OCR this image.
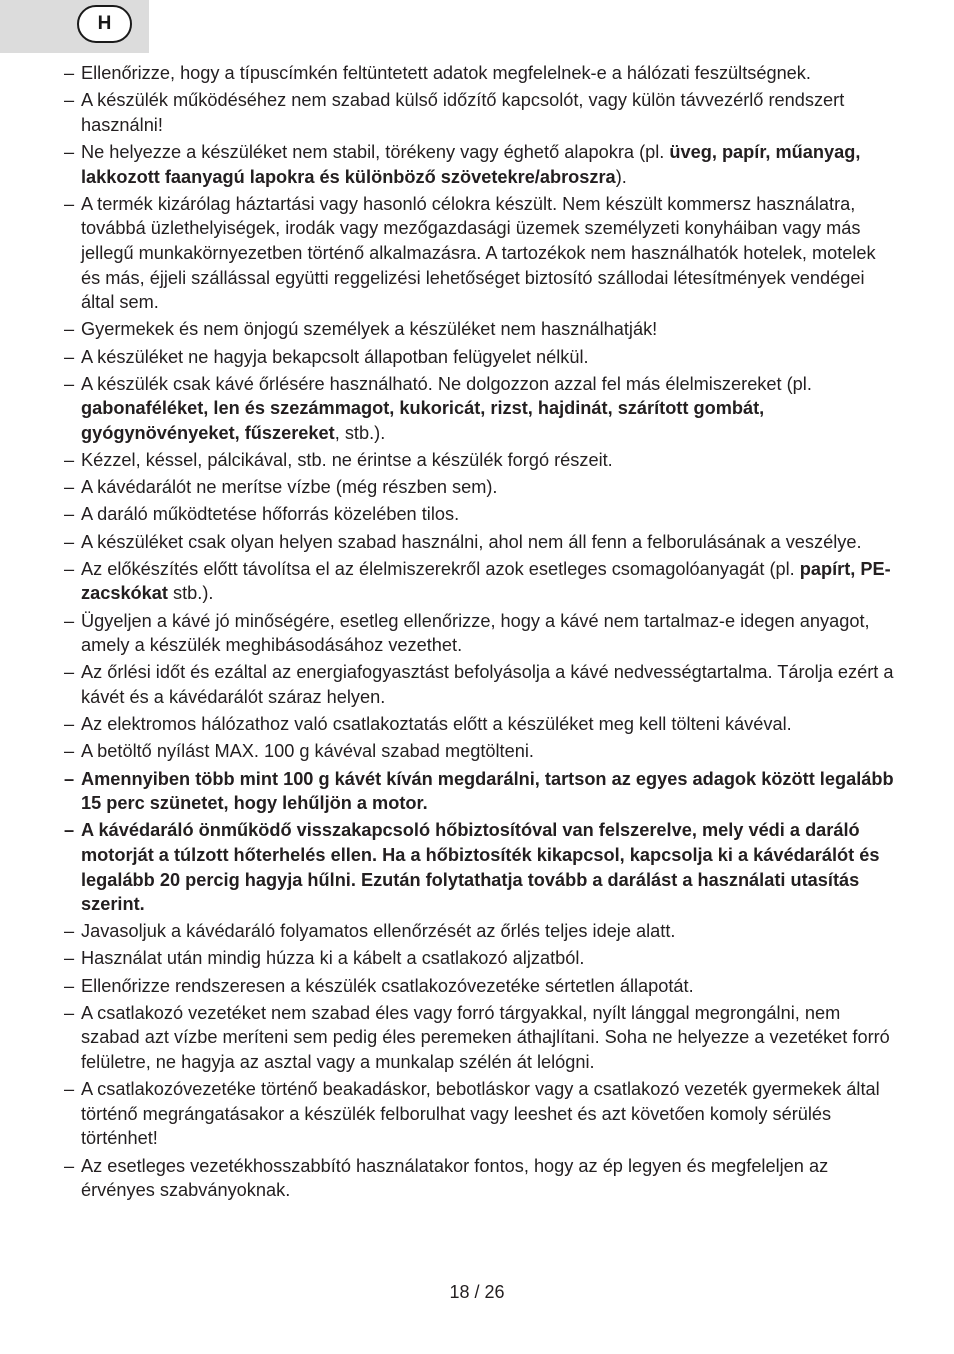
H
– Ellenőrizze, hogy a típuscímkén feltüntetett adatok megfelelnek-e a hálózati feszültségnek.
– A készülék működéséhez nem szabad külső időzítő kapcsolót, vagy külön távvezérlő rendszert használni!
– Ne helyezze a készüléket nem stabil, törékeny vagy éghető alapokra (pl. üveg, papír, műanyag, lakkozott faanyagú lapokra és különböző szövetekre/abroszra).
– A termék kizárólag háztartási vagy hasonló célokra készült. Nem készült kommersz használatra, továbbá üzlethelyiségek, irodák vagy mezőgazdasági üzemek személyzeti konyháiban vagy más jellegű munkakörnyezetben történő alkalmazásra. A tartozékok nem használhatók hotelek, motelek és más, éjjeli szállással együtti reggelizési lehetőséget biztosító szállodai létesítmények vendégei által sem.
– Gyermekek és nem önjogú személyek a készüléket nem használhatják!
– A készüléket ne hagyja bekapcsolt állapotban felügyelet nélkül.
– A készülék csak kávé őrlésére használható. Ne dolgozzon azzal fel más élelmiszereket (pl. gabonaféléket, len és szezámmagot, kukoricát, rizst, hajdinát, szárított gombát, gyógynövényeket, fűszereket, stb.).
– Kézzel, késsel, pálcikával, stb. ne érintse a készülék forgó részeit.
– A kávédarálót ne merítse vízbe (még részben sem).
– A daráló működtetése hőforrás közelében tilos.
– A készüléket csak olyan helyen szabad használni, ahol nem áll fenn a felborulásának a veszélye.
– Az előkészítés előtt távolítsa el az élelmiszerekről azok esetleges csomagolóanyagát (pl. papírt, PE-zacskókat stb.).
– Ügyeljen a kávé jó minőségére, esetleg ellenőrizze, hogy a kávé nem tartalmaz-e idegen anyagot, amely a készülék meghibásodásához vezethet.
– Az őrlési időt és ezáltal az energiafogyasztást befolyásolja a kávé nedvességtartalma. Tárolja ezért a kávét és a kávédarálót száraz helyen.
– Az elektromos hálózathoz való csatlakoztatás előtt a készüléket meg kell tölteni kávéval.
– A betöltő nyílást MAX. 100 g kávéval szabad megtölteni.
– Amennyiben több mint 100 g kávét kíván megdarálni, tartson az egyes adagok között legalább 15 perc szünetet, hogy lehűljön a motor.
– A kávédaráló önműködő visszakapcsoló hőbiztosítóval van felszerelve, mely védi a daráló motorját a túlzott hőterhelés ellen. Ha a hőbiztosíték kikapcsol, kapcsolja ki a kávédarálót és legalább 20 percig hagyja hűlni. Ezután folytathatja tovább a darálást a használati utasítás szerint.
– Javasoljuk a kávédaráló folyamatos ellenőrzését az őrlés teljes ideje alatt.
– Használat után mindig húzza ki a kábelt a csatlakozó aljzatból.
– Ellenőrizze rendszeresen a készülék csatlakozóvezetéke sértetlen állapotát.
– A csatlakozó vezetéket nem szabad éles vagy forró tárgyakkal, nyílt lánggal megrongálni, nem szabad azt vízbe meríteni sem pedig éles peremeken áthajlítani. Soha ne helyezze a vezetéket forró felületre, ne hagyja az asztal vagy a munkalap szélén át lelógni.
– A csatlakozóvezetéke történő beakadáskor, bebotláskor vagy a csatlakozó vezeték gyermekek által történő megrángatásakor a készülék felborulhat vagy leeshet és azt követően komoly sérülés történhet!
– Az esetleges vezetékhosszabbító használatakor fontos, hogy az ép legyen és megfeleljen az érvényes szabványoknak.
18 / 26
